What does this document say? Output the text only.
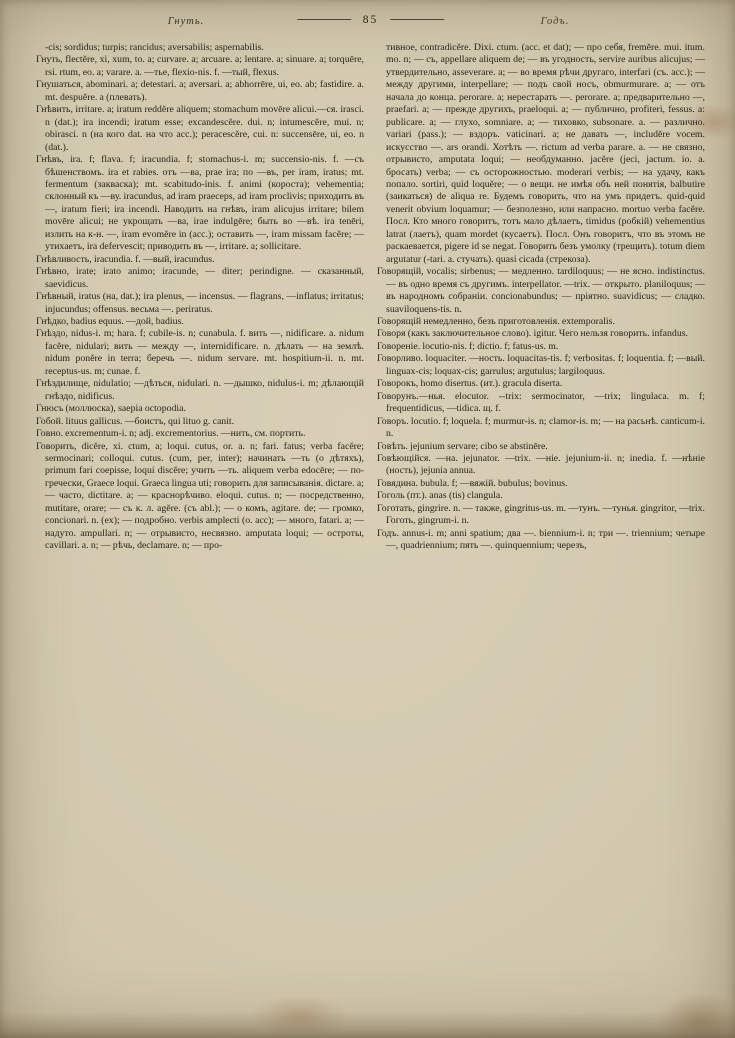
Гнуть.	85	Годъ.

-cis; sordidus; turpis; rancidus; aversabilis; aspernabilis.

Гнуть, flectĕre, xi, xum, to. a; curvare. a; arcuare. a; lentare. a; sinuare. a; torquēre, rsi. rtum, eo. a; varare. a. —тье, flexio-nis. f. —тый, flexus.

Гнушаться, abominari. a; detestari. a; aversari. a; abhorrēre, ui, eo. ab; fastidire. a. mt. despuĕre. a (плевать).

Гнѣвить, irritare. a; iratum reddĕre aliquem; stomachum movēre alicui.—ся. irasci. n (dat.); ira incendi; iratum esse; excandescĕre. dui. n; intumescĕre, mui. n; obirasci. n (на кого dat. на что acc.); peracescĕre, cui. n: succensēre, ui, eo. n (dat.).

Гнѣвъ, ira. f; flava. f; iracundia. f; stomachus-i. m; succensio-nis. f. —съ бѣшенствомъ. ira et rabies. отъ —ва, prae ira; по —въ, per iram, iratus; mt. fermentum (закваска); mt. scabitudo-inis. f. animi (короста); vehementia; склонный къ —ву. iracundus, ad iram praeceps, ad iram proclivis; приходить въ —, iratum fieri; ira incendi. Наводить на гнѣвъ, iram alicujus irritare; bilem movēre alicui; не укрощать —ва, irae indulgēre; быть во —вѣ. ira tenēri, излить на к-н. —, iram evomĕre in (acc.); оставить —, iram missam facĕre; — утихаетъ, ira defervescit; приводить въ —, irritare. a; sollicitare.

Гнѣвливость, iracundia. f. —вый, iracundus.

Гнѣвно, irate; irato animo; iracunde, — diter; perindigne. — сказанный, saevidicus.

Гнѣвный, iratus (на, dat.); ira plenus, — incensus. — flagrans, —inflatus; irritatus; injucundus; offensus. весьма —. periratus.

Гнѣдко, badius equus. —дой, badius.

Гнѣздо, nidus-i. m; hara. f; cubile-is. n; cunabula. f. вить —, nidificare. a. nidum facĕre, nidulari; вить — между —, internidificare. n. дѣлать — на землѣ. nidum ponĕre in terra; беречь —. nidum servare. mt. hospitium-ii. n. mt. receptus-us. m; cunae. f.

Гнѣздилище, nidulatio; —дѣться, nidulari. n. —дышко, nidulus-i. m; дѣлающій гнѣздо, nidificus.

Гнюсъ (моллюска), saepia octopodia.

Гобой. lituus gallicus. —боистъ, qui lituo g. canit.

Говно. excrementum-i. n; adj. excrementorius. —нить, см. портить.

Говорить, dicĕre, xi. ctum, a; loqui. cutus, or. a. n; fari. fatus; verba facĕre; sermocinari; colloqui. cutus. (cum, per, inter); начинать —ть (о дѣтяхъ), primum fari coepisse, loqui discĕre; учить —ть. aliquem verba edocēre; — по-гречески, Graece loqui. Graeca lingua uti; говорить для записыванія. dictare. a; — часто, dictitare. a; — краснорѣчиво. eloqui. cutus. n; — посредственно, mutitare, orare; — съ к. л. agĕre. (съ abl.); — о комъ, agitare. de; — громко, concionari. n. (ex); — подробно. verbis amplecti (о. acc); — много, fatari. a; — надуто. ampullari. n; — отрывисто, несвязно. amputata loqui; — остроты, cavillari. a. n; — рѣчь, declamare. n; — про-

тивное, contradicĕre. Dixi. ctum. (acc. et dat); — про себя, fremĕre. mui. itum. mo. n; — съ, appellare aliquem de; — въ угодность, servire auribus alicujus; — утвердительно, asseverare. a; — во время рѣчи другаго, interfari (съ. acc.); — между другими, interpellare; — подъ свой носъ, obmurmurare. a; — отъ начала до конца. perorare. a; нерестарать —. perorare. a; предварительно —, praefari. a; — прежде другихъ, praeloqui. a; — публично, profiteri, fessus. a: publicare. a; — глухо, somniare. a; — тиховко, subsonare. a. — различно. variari (pass.); — вздоръ. vaticinari. a; не давать —, includĕre vocem. искусство —. ars orandi. Хотѣть —. rictum ad verba parare. a. — не связно, отрывисто, amputata loqui; — необдуманно. jacĕre (jeci, jactum. io. a. бросать) verba; — съ осторожностью. moderari verbis; — на удачу, какъ попало. sortiri, quid loquĕre; — о вещи. не имѣя объ ней понятія, balbutire (заикаться) de aliqua re. Будемъ говорить, что на умъ придетъ. quid-quid venerit obvium loquamur; — безполезно, или напрасно. mortuo verba facĕre. Посл. Кто много говоритъ, тотъ мало дѣлаетъ, timidus (робкій) vehementius latrat (лаетъ), quam mordet (кусаетъ). Посл. Онъ говоритъ, что въ этомъ не раскаевается, pigere id se negat. Говорить безъ умолку (трещить). totum diem argutatur (-tari. a. стучать). quasi cicada (стрекоза).

Говорящій, vocalis; sirbenus; — медленно. tardiloquus; — не ясно. indistinctus. — въ одно время съ другимъ. interpellator. —trix. — открыто. planiloquus; — въ народномъ собраніи. concionabundus; — пріятно. suavidicus; — сладко. suaviloquens-tis. n.

Говорящій немедленно, безъ приготовленія. extemporalis.

Говоря (какъ заключительное слово). igitur. Чего нельзя говорить. infandus.

Говореніе. locutio-nis. f; dictio. f; fatus-us. m.

Говорливо. loquaciter. —ность. loquacitas-tis. f; verbositas. f; loquentia. f; —вый. linguax-cis; loquax-cis; garrulus; argutulus; largiloquus.

Говорокъ, homo disertus. (ит.). gracula diserta.

Говорунъ.—нья. elocutor. --trix: sermocinator, —trix; lingulaca. m. f; frequentidicus, —tidica. щ. f.

Говоръ. locutio. f; loquela. f; murmur-is. n; clamor-is. m; — на расьнѣ. canticum-i. n.

Говѣть. jejunium servare; cibo se abstinēre.

Говѣющійся. —на. jejunator. —trix. —ніе. jejunium-ii. n; inedia. f. —нѣніе (ность), jejunia annua.

Говядина. bubula. f; —вяжій. bubulus; bovinus.

Гоголь (пт.). anas (tis) clangula.

Гоготать, gingrire. n. — также, gingritus-us. m. —тунъ. —тунья. gingritor, —trix. Гоготь, gingrum-i. n.

Годъ. annus-i. m; anni spatium; два —. biennium-i. n; три —. triennium; четыре —, quadriennium; пять —. quinquennium; черезъ,
